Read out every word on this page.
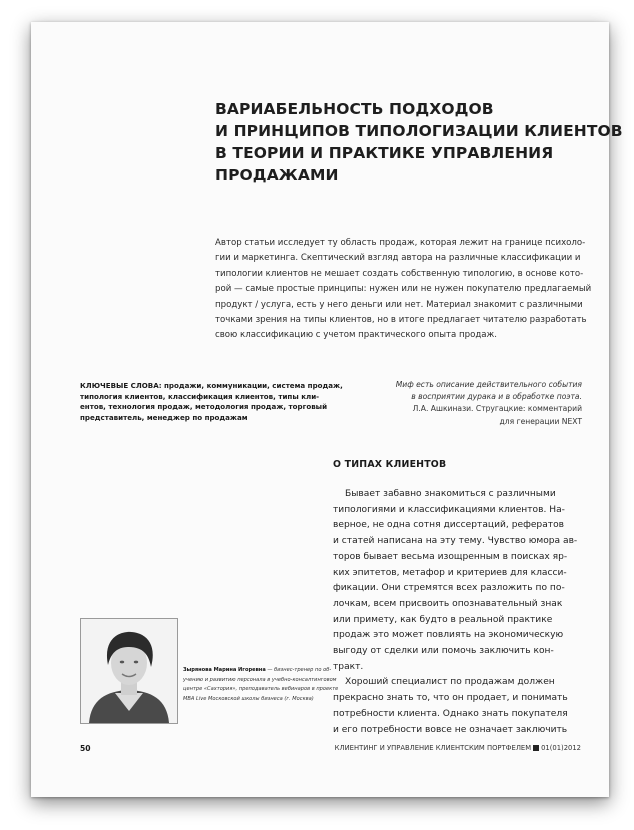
ВАРИАБЕЛЬНОСТЬ ПОДХОДОВ
И ПРИНЦИПОВ ТИПОЛОГИЗАЦИИ КЛИЕНТОВ
В ТЕОРИИ И ПРАКТИКЕ УПРАВЛЕНИЯ
ПРОДАЖАМИ
Автор статьи исследует ту область продаж, которая лежит на границе психоло-
гии и маркетинга. Скептический взгляд автора на различные классификации и
типологии клиентов не мешает создать собственную типологию, в основе кото-
рой — самые простые принципы: нужен или не нужен покупателю предлагаемый
продукт / услуга, есть у него деньги или нет. Материал знакомит с различными
точками зрения на типы клиентов, но в итоге предлагает читателю разработать
свою классификацию с учетом практического опыта продаж.
КЛЮЧЕВЫЕ СЛОВА: продажи, коммуникации, система продаж,
типология клиентов, классификация клиентов, типы кли-
ентов, технология продаж, методология продаж, торговый
представитель, менеджер по продажам
Миф есть описание действительного события
в восприятии дурака и в обработке поэта.
Л.А. Ашкинази. Стругацкие: комментарий
для генерации NEXT
О ТИПАХ КЛИЕНТОВ
Бывает забавно знакомиться с различными
типологиями и классификациями клиентов. На-
верное, не одна сотня диссертаций, рефератов
и статей написана на эту тему. Чувство юмора ав-
торов бывает весьма изощренным в поисках яр-
ких эпитетов, метафор и критериев для класси-
фикации. Они стремятся всех разложить по по-
лочкам, всем присвоить опознавательный знак
или примету, как будто в реальной практике
продаж это может повлиять на экономическую
выгоду от сделки или помочь заключить кон-
тракт.
Хороший специалист по продажам должен
прекрасно знать то, что он продает, и понимать
потребности клиента. Однако знать покупателя
и его потребности вовсе не означает заключить
Зырянова Марина Игоревна — бизнес-тренер по об-
учению и развитию персонала в учебно-консалтинговом
центре «Сахтория», преподаватель вебинаров в проекте
MBA Live Московской школы бизнеса (г. Москва)
50	КЛИЕНТИНГ И УПРАВЛЕНИЕ КЛИЕНТСКИМ ПОРТФЕЛЕМ 01(01)2012
